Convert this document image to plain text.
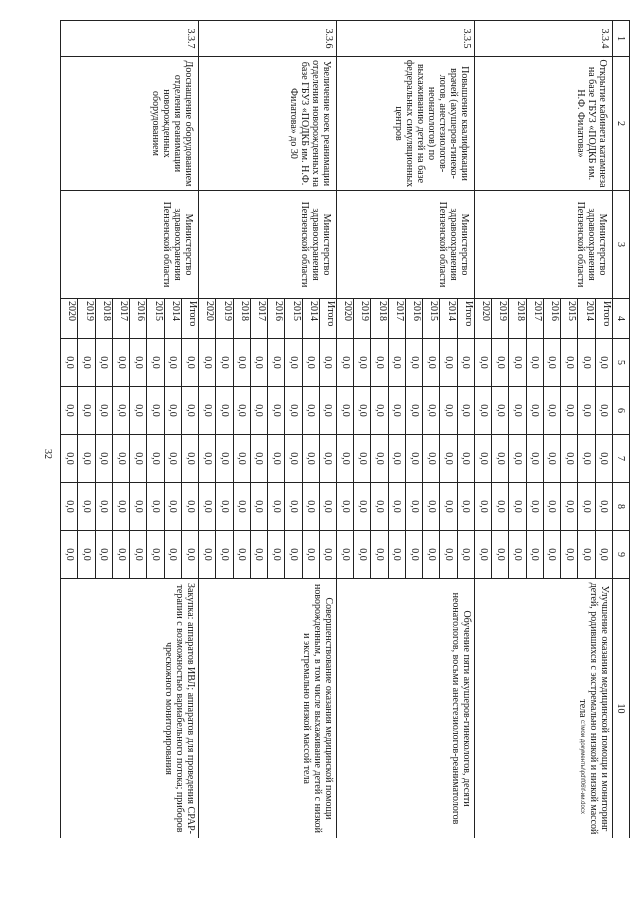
32
c:\мои документы\pd\f06\f-ии.docx
1	2	3	4	5	6	7	8	9	10
3.3.4	Открытие кабинета катамнеза на базе ГБУЗ «ПОДКБ им. Н.Ф. Филатова»	Министерство здравоохранения Пензенской области	Итого	0,0	0,0	0,0	0,0	0,0	Улучшение оказания медицинской помощи и мониторинг детей, родившихся с экстремально низкой и низкой массой тела
			2014	0,0	0,0	0,0	0,0	0,0	
			2015	0,0	0,0	0,0	0,0	0,0	
			2016	0,0	0,0	0,0	0,0	0,0	
			2017	0,0	0,0	0,0	0,0	0,0	
			2018	0,0	0,0	0,0	0,0	0,0	
			2019	0,0	0,0	0,0	0,0	0,0	
			2020	0,0	0,0	0,0	0,0	0,0	
3.3.5	Повышение квалификации врачей (акушеров-гинеко-логов, анестезиологов-неонатологов) по выхаживанию детей на базе федеральных симуляционных центров	Министерство здравоохранения Пензенской области	Итого	0,0	0,0	0,0	0,0	0,0	Обучение пяти акушеров-гинекологов, десяти неонатологов, восьми анестезиологов-реаниматологов
			2014	0,0	0,0	0,0	0,0	0,0	
			2015	0,0	0,0	0,0	0,0	0,0	
			2016	0,0	0,0	0,0	0,0	0,0	
			2017	0,0	0,0	0,0	0,0	0,0	
			2018	0,0	0,0	0,0	0,0	0,0	
			2019	0,0	0,0	0,0	0,0	0,0	
			2020	0,0	0,0	0,0	0,0	0,0	
3.3.6	Увеличение коек реанимации отделения новорожденных на базе ГБУЗ «ПОДКБ им. Н.Ф. Филатова» до 30	Министерство здравоохранения Пензенской области	Итого	0,0	0,0	0,0	0,0	0,0	Совершенствование оказания медицинской помощи новорожденным, в том числе выхаживание детей с низкой и экстремально низкой массой тела
			2014	0,0	0,0	0,0	0,0	0,0	
			2015	0,0	0,0	0,0	0,0	0,0	
			2016	0,0	0,0	0,0	0,0	0,0	
			2017	0,0	0,0	0,0	0,0	0,0	
			2018	0,0	0,0	0,0	0,0	0,0	
			2019	0,0	0,0	0,0	0,0	0,0	
			2020	0,0	0,0	0,0	0,0	0,0	
3.3.7	Дооснащение оборудованием отделения реанимации новорожденных оборудованием	Министерство здравоохранения Пензенской области	Итого	0,0	0,0	0,0	0,0	0,0	Закупка: аппаратов ИВЛ; аппаратов для проведения CPAP-терапии с возможностью вариабельного потока; приборов чрескожного мониторирования
			2014	0,0	0,0	0,0	0,0	0,0	
			2015	0,0	0,0	0,0	0,0	0,0	
			2016	0,0	0,0	0,0	0,0	0,0	
			2017	0,0	0,0	0,0	0,0	0,0	
			2018	0,0	0,0	0,0	0,0	0,0	
			2019	0,0	0,0	0,0	0,0	0,0	
			2020	0,0	0,0	0,0	0,0	0,0	
